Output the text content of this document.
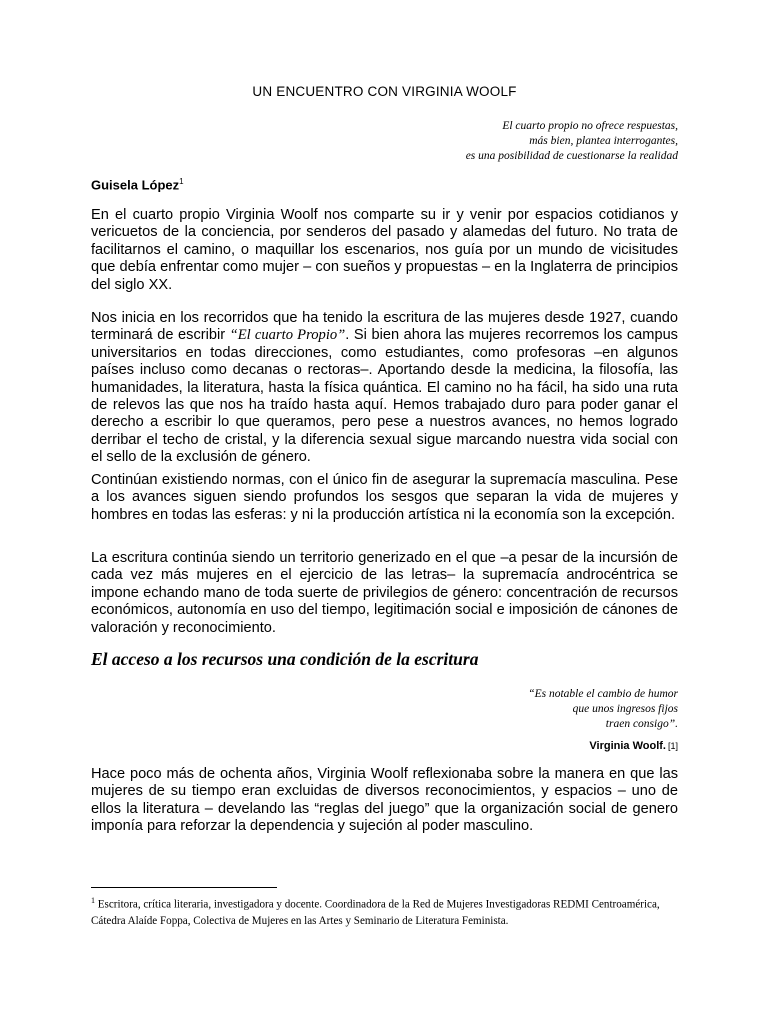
UN ENCUENTRO CON VIRGINIA WOOLF
El cuarto propio no ofrece respuestas,
más bien, plantea interrogantes,
es una posibilidad de cuestionarse la realidad
Guisela López$^1$

En el cuarto propio Virginia Woolf nos comparte su ir y venir por espacios cotidianos y vericuetos de la conciencia, por senderos del pasado y alamedas del futuro. No trata de facilitarnos el camino, o maquillar los escenarios, nos guía por un mundo de vicisitudes que debía enfrentar como mujer – con sueños y propuestas – en la Inglaterra de principios del siglo XX.

Nos inicia en los recorridos que ha tenido la escritura de las mujeres desde 1927, cuando terminará de escribir “El cuarto Propio”. Si bien ahora las mujeres recorremos los campus universitarios en todas direcciones, como estudiantes, como profesoras –en algunos países incluso como decanas o rectoras–. Aportando desde la medicina, la filosofía, las humanidades, la literatura, hasta la física quántica. El camino no ha fácil, ha sido una ruta de relevos las que nos ha traído hasta aquí. Hemos trabajado duro para poder ganar el derecho a escribir lo que queramos, pero pese a nuestros avances, no hemos logrado derribar el techo de cristal, y la diferencia sexual sigue marcando nuestra vida social con el sello de la exclusión de género.

Continúan existiendo normas, con el único fin de asegurar la supremacía masculina. Pese a los avances siguen siendo profundos los sesgos que separan la vida de mujeres y hombres en todas las esferas: y ni la producción artística ni la economía son la excepción.

La escritura continúa siendo un territorio generizado en el que –a pesar de la incursión de cada vez más mujeres en el ejercicio de las letras– la supremacía androcéntrica se impone echando mano de toda suerte de privilegios de género: concentración de recursos económicos, autonomía en uso del tiempo, legitimación social e imposición de cánones de valoración y reconocimiento.

El acceso a los recursos una condición de la escritura
“Es notable el cambio de humor
que unos ingresos fijos
traen consigo”.
Virginia Woolf. [1]

Hace poco más de ochenta años, Virginia Woolf reflexionaba sobre la manera en que las mujeres de su tiempo eran excluidas de diversos reconocimientos, y espacios – uno de ellos la literatura – develando las “reglas del juego” que la organización social de genero imponía para reforzar la dependencia y sujeción al poder masculino.

$^1$ Escritora, crítica literaria, investigadora y docente. Coordinadora de la Red de Mujeres Investigadoras REDMI Centroamérica, Cátedra Alaíde Foppa, Colectiva de Mujeres en las Artes y Seminario de Literatura Feminista.
